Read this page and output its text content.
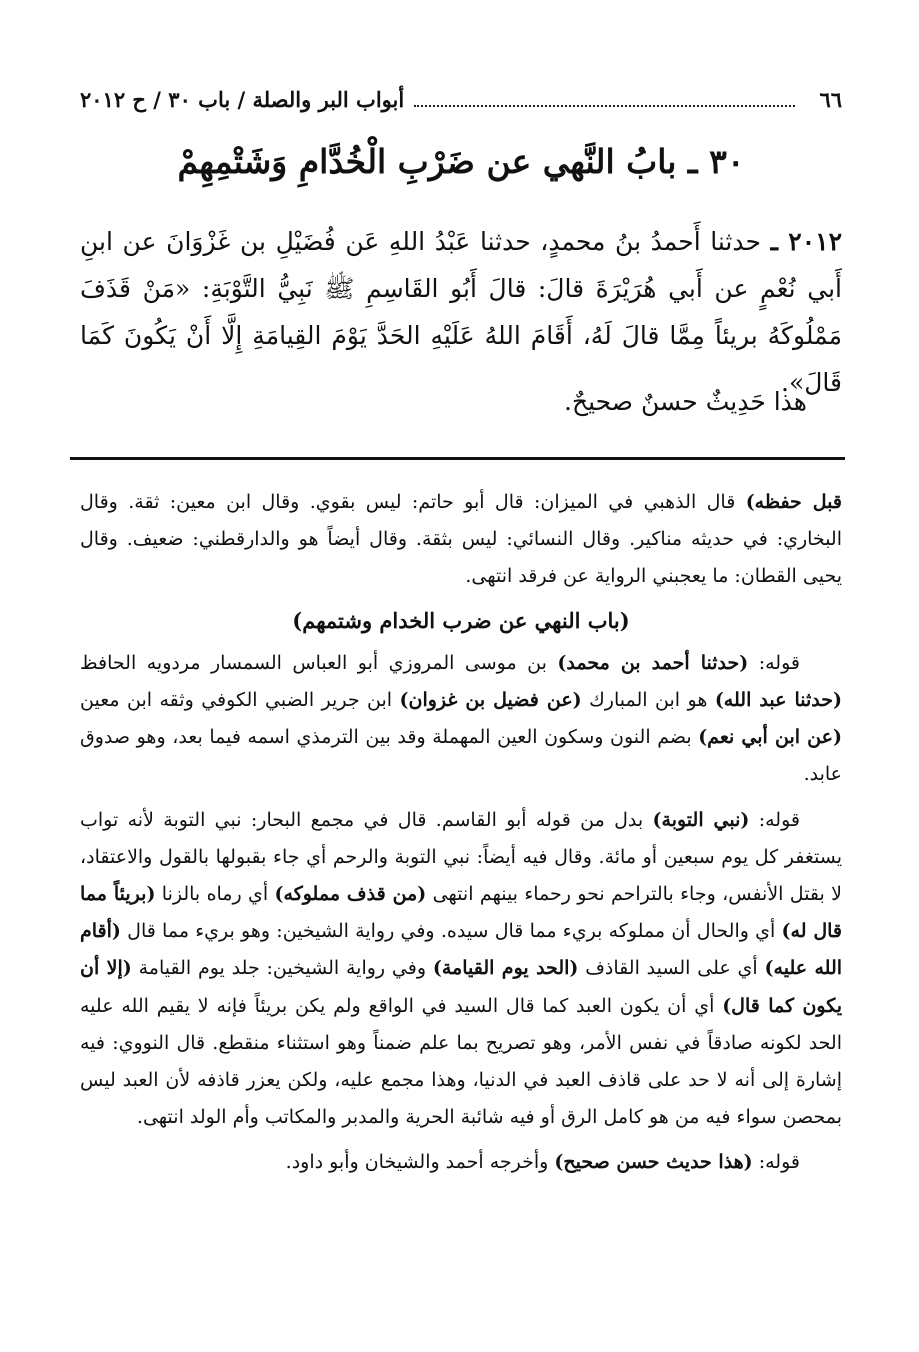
٦٦
أبواب البر والصلة / باب ٣٠ / ح ٢٠١٢
٣٠ ـ بابُ النَّهي عن ضَرْبِ الْخُدَّامِ وَشَتْمِهِمْ

٢٠١٢ ـ حدثنا أَحمدُ بنُ محمدٍ، حدثنا عَبْدُ اللهِ عَن فُضَيْلِ بن غَزْوَانَ عن ابنِ أَبي نُعْمٍ عن أَبي هُرَيْرَةَ قالَ: قالَ أَبُو القَاسِمِ ﷺ نَبِيُّ التَّوْبَةِ: «مَنْ قَذَفَ مَمْلُوكَهُ بريئاً مِمَّا قالَ لَهُ، أَقَامَ اللهُ عَلَيْهِ الحَدَّ يَوْمَ القِيامَةِ إِلَّا أَنْ يَكُونَ كَمَا قَالَ».

هذا حَدِيثٌ حسنٌ صحيحٌ.

قبل حفظه) قال الذهبي في الميزان: قال أبو حاتم: ليس بقوي. وقال ابن معين: ثقة. وقال البخاري: في حديثه مناكير. وقال النسائي: ليس بثقة. وقال أيضاً هو والدارقطني: ضعيف. وقال يحيى القطان: ما يعجبني الرواية عن فرقد انتهى.

(باب النهي عن ضرب الخدام وشتمهم)

قوله: (حدثنا أحمد بن محمد) بن موسى المروزي أبو العباس السمسار مردويه الحافظ (حدثنا عبد الله) هو ابن المبارك (عن فضيل بن غزوان) ابن جرير الضبي الكوفي وثقه ابن معين (عن ابن أبي نعم) بضم النون وسكون العين المهملة وقد بين الترمذي اسمه فيما بعد، وهو صدوق عابد.

قوله: (نبي التوبة) بدل من قوله أبو القاسم. قال في مجمع البحار: نبي التوبة لأنه تواب يستغفر كل يوم سبعين أو مائة. وقال فيه أيضاً: نبي التوبة والرحم أي جاء بقبولها بالقول والاعتقاد، لا بقتل الأنفس، وجاء بالتراحم نحو رحماء بينهم انتهى (من قذف مملوكه) أي رماه بالزنا (بريئاً مما قال له) أي والحال أن مملوكه بريء مما قال سيده. وفي رواية الشيخين: وهو بريء مما قال (أقام الله عليه) أي على السيد القاذف (الحد يوم القيامة) وفي رواية الشيخين: جلد يوم القيامة (إلا أن يكون كما قال) أي أن يكون العبد كما قال السيد في الواقع ولم يكن بريئاً فإنه لا يقيم الله عليه الحد لكونه صادقاً في نفس الأمر، وهو تصريح بما علم ضمناً وهو استثناء منقطع. قال النووي: فيه إشارة إلى أنه لا حد على قاذف العبد في الدنيا، وهذا مجمع عليه، ولكن يعزر قاذفه لأن العبد ليس بمحصن سواء فيه من هو كامل الرق أو فيه شائبة الحرية والمدبر والمكاتب وأم الولد انتهى.

قوله: (هذا حديث حسن صحيح) وأخرجه أحمد والشيخان وأبو داود.
